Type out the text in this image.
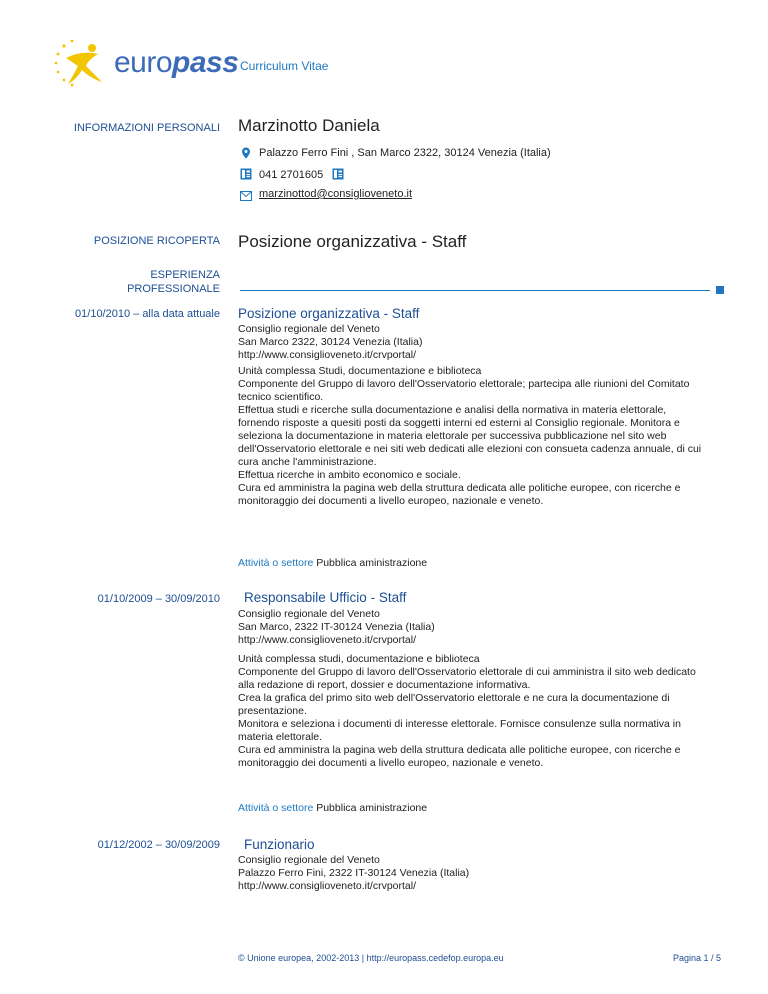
europass Curriculum Vitae
INFORMAZIONI PERSONALI Marzinotto Daniela
Palazzo Ferro Fini , San Marco 2322, 30124 Venezia (Italia)
041 2701605
marzinottod@consiglioveneto.it
POSIZIONE RICOPERTA Posizione organizzativa - Staff
ESPERIENZA
PROFESSIONALE
01/10/2010 – alla data attuale Posizione organizzativa - Staff
Consiglio regionale del Veneto
San Marco 2322, 30124 Venezia (Italia)
http://www.consiglioveneto.it/crvportal/
Unità complessa Studi, documentazione e biblioteca
Componente del Gruppo di lavoro dell'Osservatorio elettorale; partecipa alle riunioni del Comitato tecnico scientifico.
Effettua studi e ricerche sulla documentazione e analisi della normativa in materia elettorale, fornendo risposte a quesiti posti da soggetti interni ed esterni al Consiglio regionale. Monitora e seleziona la documentazione in materia elettorale per successiva pubblicazione nel sito web dell'Osservatorio elettorale e nei siti web dedicati alle elezioni con consueta cadenza annuale, di cui cura anche l'amministrazione.
Effettua ricerche in ambito economico e sociale.
Cura ed amministra la pagina web della struttura dedicata alle politiche europee, con ricerche e monitoraggio dei documenti a livello europeo, nazionale e veneto.
Attività o settore Pubblica aministrazione
01/10/2009 – 30/09/2010 Responsabile Ufficio - Staff
Consiglio regionale del Veneto
San Marco, 2322 IT-30124 Venezia (Italia)
http://www.consiglioveneto.it/crvportal/
Unità complessa studi, documentazione e biblioteca
Componente del Gruppo di lavoro dell'Osservatorio elettorale di cui amministra il sito web dedicato alla redazione di report, dossier e documentazione informativa.
Crea la grafica del primo sito web dell'Osservatorio elettorale e ne cura la documentazione di presentazione.
Monitora e seleziona i documenti di interesse elettorale. Fornisce consulenze sulla normativa in materia elettorale.
Cura ed amministra la pagina web della struttura dedicata alle politiche europee, con ricerche e monitoraggio dei documenti a livello europeo, nazionale e veneto.
Attività o settore Pubblica aministrazione
01/12/2002 – 30/09/2009 Funzionario
Consiglio regionale del Veneto
Palazzo Ferro Fini, 2322 IT-30124 Venezia (Italia)
http://www.consiglioveneto.it/crvportal/
© Unione europea, 2002-2013 | http://europass.cedefop.europa.eu	Pagina 1 / 5
